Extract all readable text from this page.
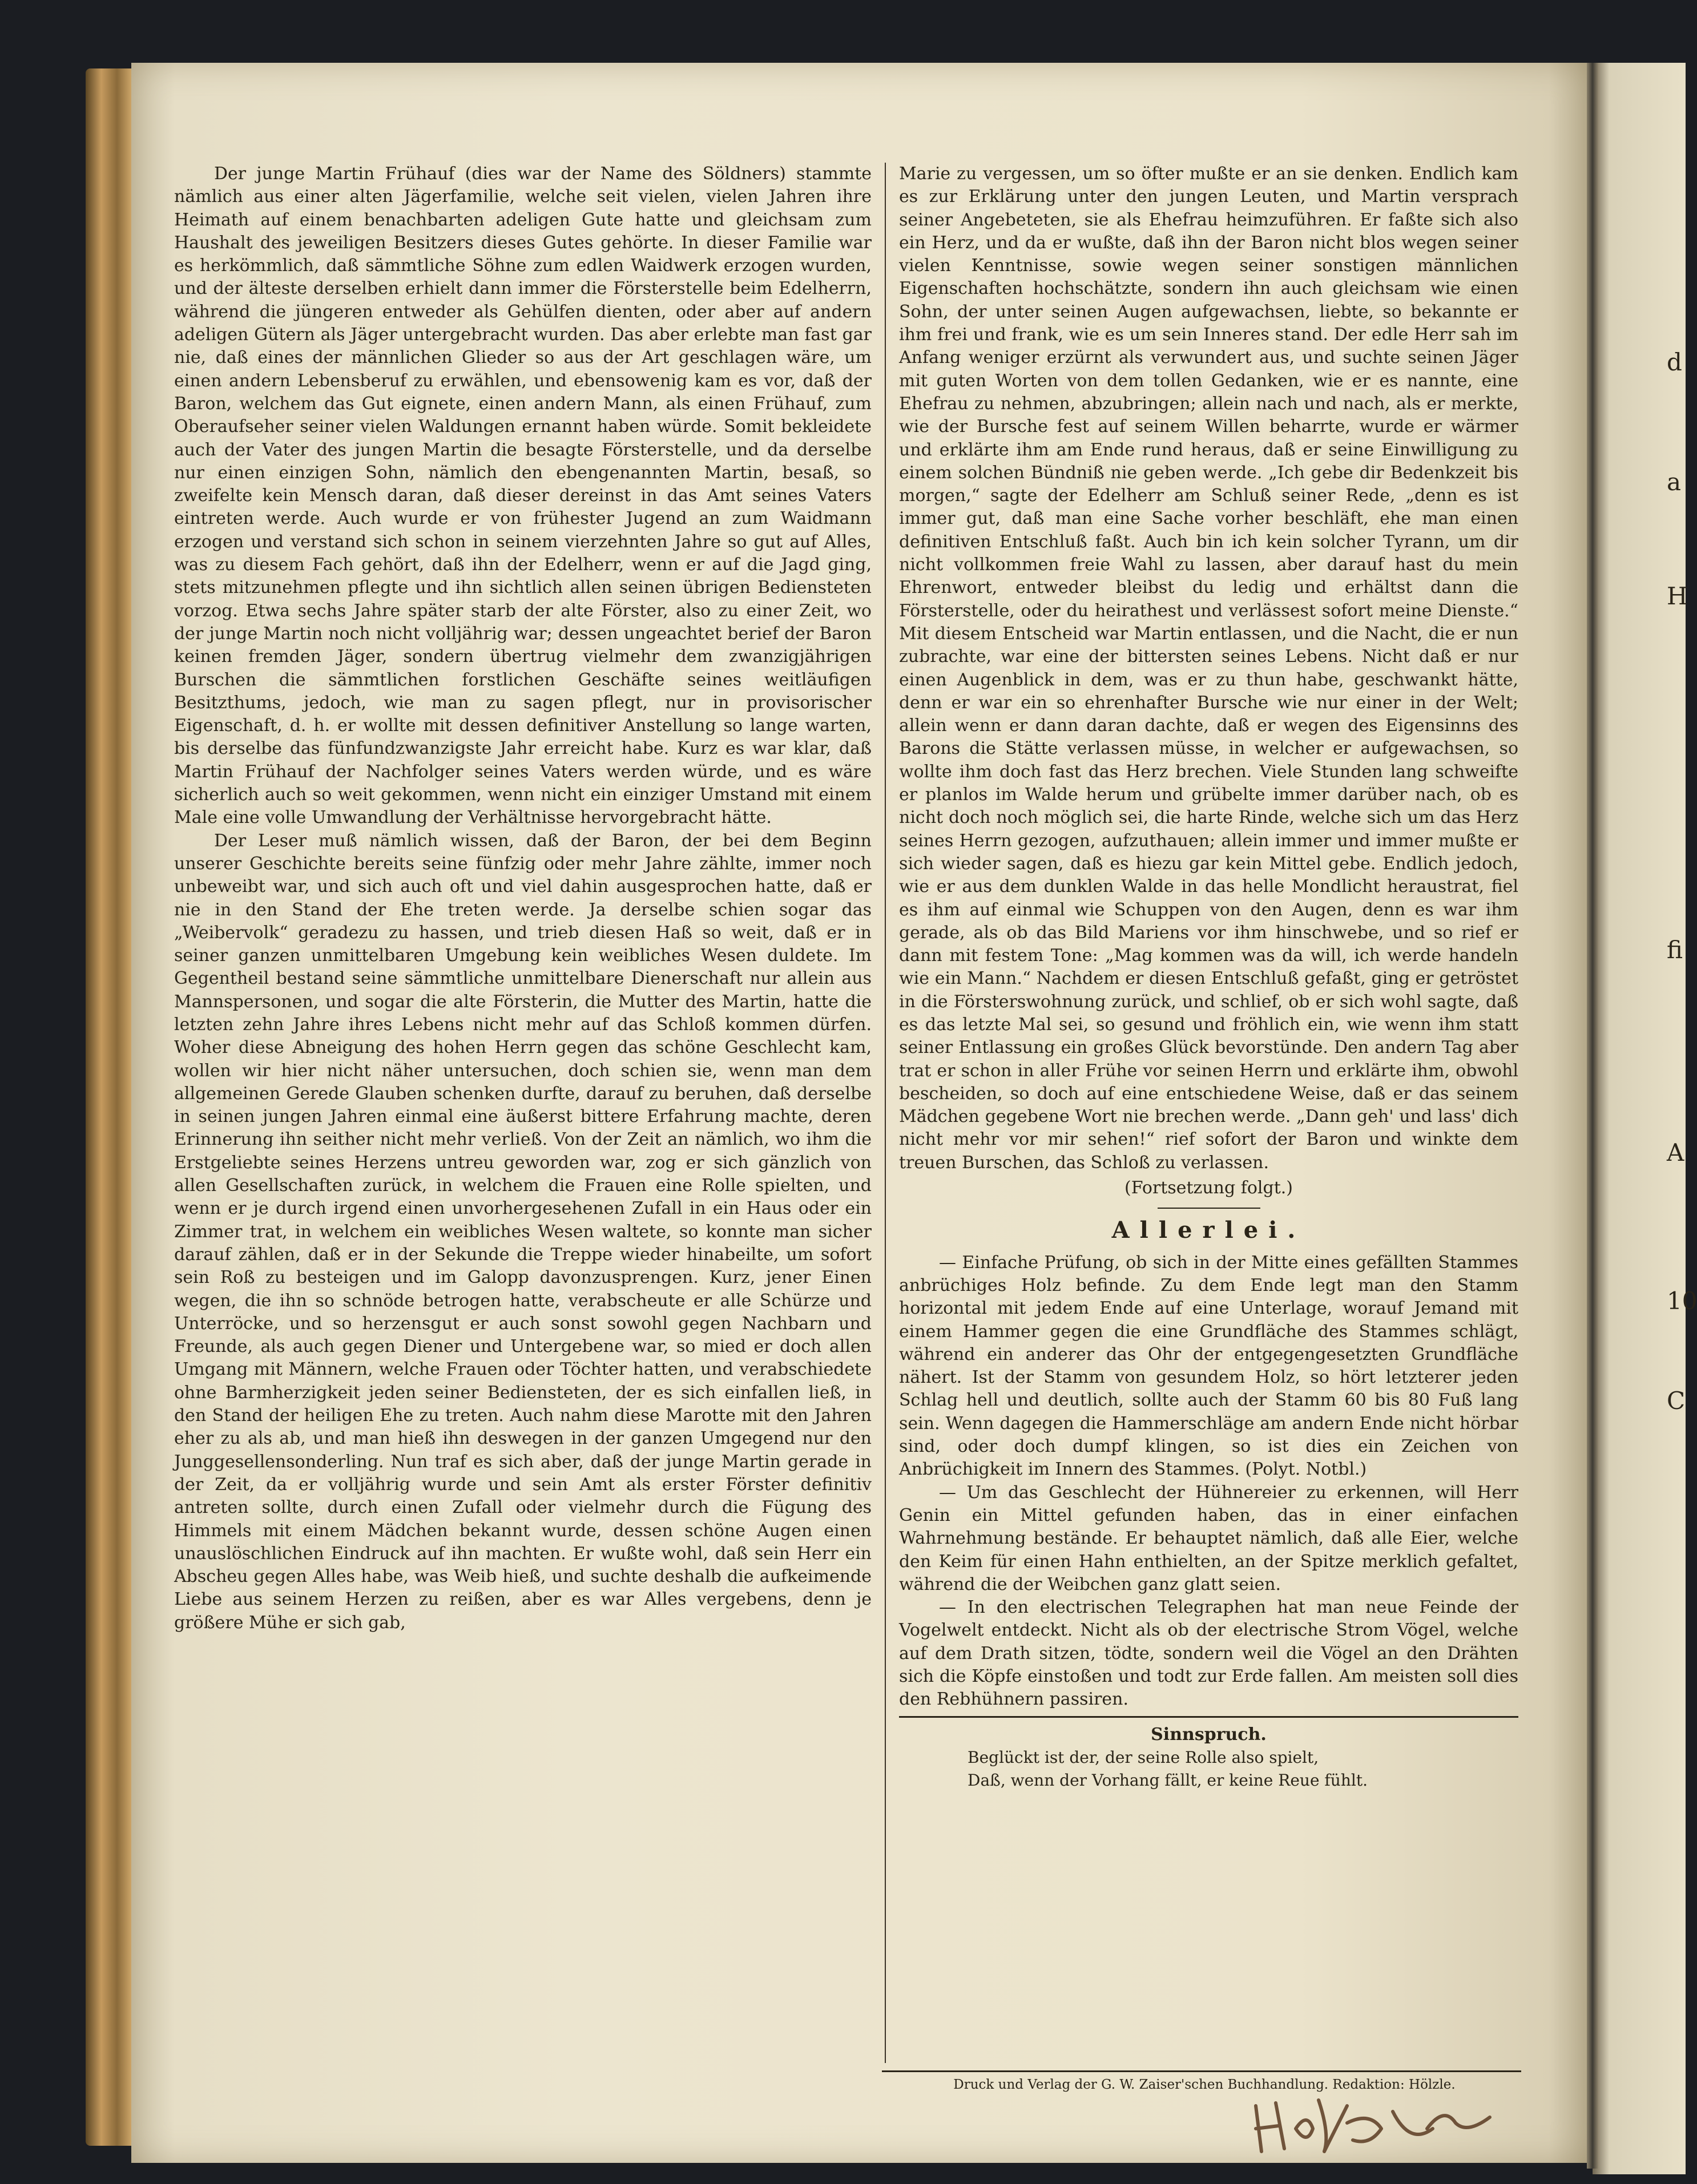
d
a
H
fi
A
10
C

Der junge Martin Frühauf (dies war der Name des Söldners) stammte nämlich aus einer alten Jägerfamilie, welche seit vielen, vielen Jahren ihre Heimath auf einem benachbarten adeligen Gute hatte und gleichsam zum Haushalt des jeweiligen Besitzers dieses Gutes gehörte. In dieser Familie war es herkömmlich, daß sämmtliche Söhne zum edlen Waidwerk erzogen wurden, und der älteste derselben erhielt dann immer die Försterstelle beim Edelherrn, während die jüngeren entweder als Gehülfen dienten, oder aber auf andern adeligen Gütern als Jäger untergebracht wurden. Das aber erlebte man fast gar nie, daß eines der männlichen Glieder so aus der Art geschlagen wäre, um einen andern Lebensberuf zu erwählen, und ebensowenig kam es vor, daß der Baron, welchem das Gut eignete, einen andern Mann, als einen Frühauf, zum Oberaufseher seiner vielen Waldungen ernannt haben würde. Somit bekleidete auch der Vater des jungen Martin die besagte Försterstelle, und da derselbe nur einen einzigen Sohn, nämlich den ebengenannten Martin, besaß, so zweifelte kein Mensch daran, daß dieser dereinst in das Amt seines Vaters eintreten werde. Auch wurde er von frühester Jugend an zum Waidmann erzogen und verstand sich schon in seinem vierzehnten Jahre so gut auf Alles, was zu diesem Fach gehört, daß ihn der Edelherr, wenn er auf die Jagd ging, stets mitzunehmen pflegte und ihn sichtlich allen seinen übrigen Bediensteten vorzog. Etwa sechs Jahre später starb der alte Förster, also zu einer Zeit, wo der junge Martin noch nicht volljährig war; dessen ungeachtet berief der Baron keinen fremden Jäger, sondern übertrug vielmehr dem zwanzigjährigen Burschen die sämmtlichen forstlichen Geschäfte seines weitläufigen Besitzthums, jedoch, wie man zu sagen pflegt, nur in provisorischer Eigenschaft, d. h. er wollte mit dessen definitiver Anstellung so lange warten, bis derselbe das fünfundzwanzigste Jahr erreicht habe. Kurz es war klar, daß Martin Frühauf der Nachfolger seines Vaters werden würde, und es wäre sicherlich auch so weit gekommen, wenn nicht ein einziger Umstand mit einem Male eine volle Umwandlung der Verhältnisse hervorgebracht hätte.

Der Leser muß nämlich wissen, daß der Baron, der bei dem Beginn unserer Geschichte bereits seine fünfzig oder mehr Jahre zählte, immer noch unbeweibt war, und sich auch oft und viel dahin ausgesprochen hatte, daß er nie in den Stand der Ehe treten werde. Ja derselbe schien sogar das „Weibervolk“ geradezu zu hassen, und trieb diesen Haß so weit, daß er in seiner ganzen unmittelbaren Umgebung kein weibliches Wesen duldete. Im Gegentheil bestand seine sämmtliche unmittelbare Dienerschaft nur allein aus Mannspersonen, und sogar die alte Försterin, die Mutter des Martin, hatte die letzten zehn Jahre ihres Lebens nicht mehr auf das Schloß kommen dürfen. Woher diese Abneigung des hohen Herrn gegen das schöne Geschlecht kam, wollen wir hier nicht näher untersuchen, doch schien sie, wenn man dem allgemeinen Gerede Glauben schenken durfte, darauf zu beruhen, daß derselbe in seinen jungen Jahren einmal eine äußerst bittere Erfahrung machte, deren Erinnerung ihn seither nicht mehr verließ. Von der Zeit an nämlich, wo ihm die Erstgeliebte seines Herzens untreu geworden war, zog er sich gänzlich von allen Gesellschaften zurück, in welchem die Frauen eine Rolle spielten, und wenn er je durch irgend einen unvorhergesehenen Zufall in ein Haus oder ein Zimmer trat, in welchem ein weibliches Wesen waltete, so konnte man sicher darauf zählen, daß er in der Sekunde die Treppe wieder hinabeilte, um sofort sein Roß zu besteigen und im Galopp davonzusprengen. Kurz, jener Einen wegen, die ihn so schnöde betrogen hatte, verabscheute er alle Schürze und Unterröcke, und so herzensgut er auch sonst sowohl gegen Nachbarn und Freunde, als auch gegen Diener und Untergebene war, so mied er doch allen Umgang mit Männern, welche Frauen oder Töchter hatten, und verabschiedete ohne Barmherzigkeit jeden seiner Bediensteten, der es sich einfallen ließ, in den Stand der heiligen Ehe zu treten. Auch nahm diese Marotte mit den Jahren eher zu als ab, und man hieß ihn deswegen in der ganzen Umgegend nur den Junggesellensonderling. Nun traf es sich aber, daß der junge Martin gerade in der Zeit, da er volljährig wurde und sein Amt als erster Förster definitiv antreten sollte, durch einen Zufall oder vielmehr durch die Fügung des Himmels mit einem Mädchen bekannt wurde, dessen schöne Augen einen unauslöschlichen Eindruck auf ihn machten. Er wußte wohl, daß sein Herr ein Abscheu gegen Alles habe, was Weib hieß, und suchte deshalb die aufkeimende Liebe aus seinem Herzen zu reißen, aber es war Alles vergebens, denn je größere Mühe er sich gab,

Marie zu vergessen, um so öfter mußte er an sie denken. Endlich kam es zur Erklärung unter den jungen Leuten, und Martin versprach seiner Angebeteten, sie als Ehefrau heimzuführen. Er faßte sich also ein Herz, und da er wußte, daß ihn der Baron nicht blos wegen seiner vielen Kenntnisse, sowie wegen seiner sonstigen männlichen Eigenschaften hochschätzte, sondern ihn auch gleichsam wie einen Sohn, der unter seinen Augen aufgewachsen, liebte, so bekannte er ihm frei und frank, wie es um sein Inneres stand. Der edle Herr sah im Anfang weniger erzürnt als verwundert aus, und suchte seinen Jäger mit guten Worten von dem tollen Gedanken, wie er es nannte, eine Ehefrau zu nehmen, abzubringen; allein nach und nach, als er merkte, wie der Bursche fest auf seinem Willen beharrte, wurde er wärmer und erklärte ihm am Ende rund heraus, daß er seine Einwilligung zu einem solchen Bündniß nie geben werde. „Ich gebe dir Bedenkzeit bis morgen,“ sagte der Edelherr am Schluß seiner Rede, „denn es ist immer gut, daß man eine Sache vorher beschläft, ehe man einen definitiven Entschluß faßt. Auch bin ich kein solcher Tyrann, um dir nicht vollkommen freie Wahl zu lassen, aber darauf hast du mein Ehrenwort, entweder bleibst du ledig und erhältst dann die Försterstelle, oder du heirathest und verlässest sofort meine Dienste.“ Mit diesem Entscheid war Martin entlassen, und die Nacht, die er nun zubrachte, war eine der bittersten seines Lebens. Nicht daß er nur einen Augenblick in dem, was er zu thun habe, geschwankt hätte, denn er war ein so ehrenhafter Bursche wie nur einer in der Welt; allein wenn er dann daran dachte, daß er wegen des Eigensinns des Barons die Stätte verlassen müsse, in welcher er aufgewachsen, so wollte ihm doch fast das Herz brechen. Viele Stunden lang schweifte er planlos im Walde herum und grübelte immer darüber nach, ob es nicht doch noch möglich sei, die harte Rinde, welche sich um das Herz seines Herrn gezogen, aufzuthauen; allein immer und immer mußte er sich wieder sagen, daß es hiezu gar kein Mittel gebe. Endlich jedoch, wie er aus dem dunklen Walde in das helle Mondlicht heraustrat, fiel es ihm auf einmal wie Schuppen von den Augen, denn es war ihm gerade, als ob das Bild Mariens vor ihm hinschwebe, und so rief er dann mit festem Tone: „Mag kommen was da will, ich werde handeln wie ein Mann.“ Nachdem er diesen Entschluß gefaßt, ging er getröstet in die Försterswohnung zurück, und schlief, ob er sich wohl sagte, daß es das letzte Mal sei, so gesund und fröhlich ein, wie wenn ihm statt seiner Entlassung ein großes Glück bevorstünde. Den andern Tag aber trat er schon in aller Frühe vor seinen Herrn und erklärte ihm, obwohl bescheiden, so doch auf eine entschiedene Weise, daß er das seinem Mädchen gegebene Wort nie brechen werde. „Dann geh' und lass' dich nicht mehr vor mir sehen!“ rief sofort der Baron und winkte dem treuen Burschen, das Schloß zu verlassen.

(Fortsetzung folgt.)

Allerlei.

— Einfache Prüfung, ob sich in der Mitte eines gefällten Stammes anbrüchiges Holz befinde. Zu dem Ende legt man den Stamm horizontal mit jedem Ende auf eine Unterlage, worauf Jemand mit einem Hammer gegen die eine Grundfläche des Stammes schlägt, während ein anderer das Ohr der entgegengesetzten Grundfläche nähert. Ist der Stamm von gesundem Holz, so hört letzterer jeden Schlag hell und deutlich, sollte auch der Stamm 60 bis 80 Fuß lang sein. Wenn dagegen die Hammerschläge am andern Ende nicht hörbar sind, oder doch dumpf klingen, so ist dies ein Zeichen von Anbrüchigkeit im Innern des Stammes. (Polyt. Notbl.)

— Um das Geschlecht der Hühnereier zu erkennen, will Herr Genin ein Mittel gefunden haben, das in einer einfachen Wahrnehmung bestände. Er behauptet nämlich, daß alle Eier, welche den Keim für einen Hahn enthielten, an der Spitze merklich gefaltet, während die der Weibchen ganz glatt seien.

— In den electrischen Telegraphen hat man neue Feinde der Vogelwelt entdeckt. Nicht als ob der electrische Strom Vögel, welche auf dem Drath sitzen, tödte, sondern weil die Vögel an den Drähten sich die Köpfe einstoßen und todt zur Erde fallen. Am meisten soll dies den Rebhühnern passiren.

Sinnspruch.

Beglückt ist der, der seine Rolle also spielt,

Daß, wenn der Vorhang fällt, er keine Reue fühlt.

Druck und Verlag der G. W. Zaiser'schen Buchhandlung. Redaktion: Hölzle.
